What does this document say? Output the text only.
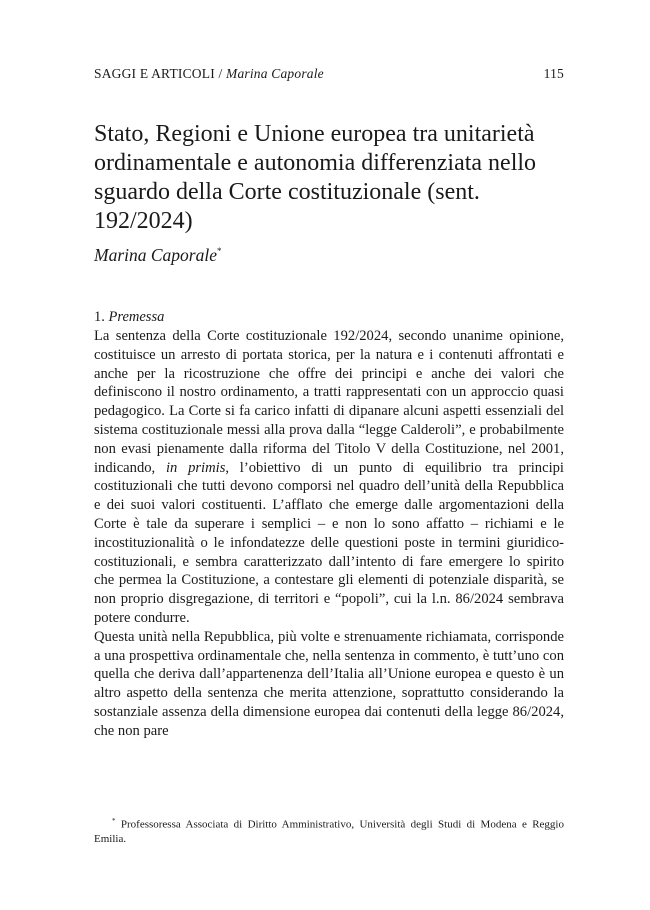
SAGGI E ARTICOLI / Marina Caporale	115
Stato, Regioni e Unione europea tra unitarietà ordinamentale e autonomia differenziata nello sguardo della Corte costituzionale (sent. 192/2024)
Marina Caporale*
1. Premessa

La sentenza della Corte costituzionale 192/2024, secondo unanime opinione, costituisce un arresto di portata storica, per la natura e i contenuti affrontati e anche per la ricostruzione che offre dei principi e anche dei valori che definiscono il nostro ordinamento, a tratti rappresentati con un approccio quasi pedagogico. La Corte si fa carico infatti di dipanare alcuni aspetti essenziali del sistema costituzionale messi alla prova dalla “legge Calderoli”, e probabilmente non evasi pienamente dalla riforma del Titolo V della Costituzione, nel 2001, indicando, in primis, l’obiettivo di un punto di equilibrio tra principi costituzionali che tutti devono comporsi nel quadro dell’unità della Repubblica e dei suoi valori costituenti. L’afflato che emerge dalle argomentazioni della Corte è tale da superare i semplici – e non lo sono affatto – richiami e le incostituzionalità o le infondatezze delle questioni poste in termini giuridico-costituzionali, e sembra caratterizzato dall’intento di fare emergere lo spirito che permea la Costituzione, a contestare gli elementi di potenziale disparità, se non proprio disgregazione, di territori e “popoli”, cui la l.n. 86/2024 sembrava potere condurre.

Questa unità nella Repubblica, più volte e strenuamente richiamata, corrisponde a una prospettiva ordinamentale che, nella sentenza in commento, è tutt’uno con quella che deriva dall’appartenenza dell’Italia all’Unione europea e questo è un altro aspetto della sentenza che merita attenzione, soprattutto considerando la sostanziale assenza della dimensione europea dai contenuti della legge 86/2024, che non pare

* Professoressa Associata di Diritto Amministrativo, Università degli Studi di Modena e Reggio Emilia.
